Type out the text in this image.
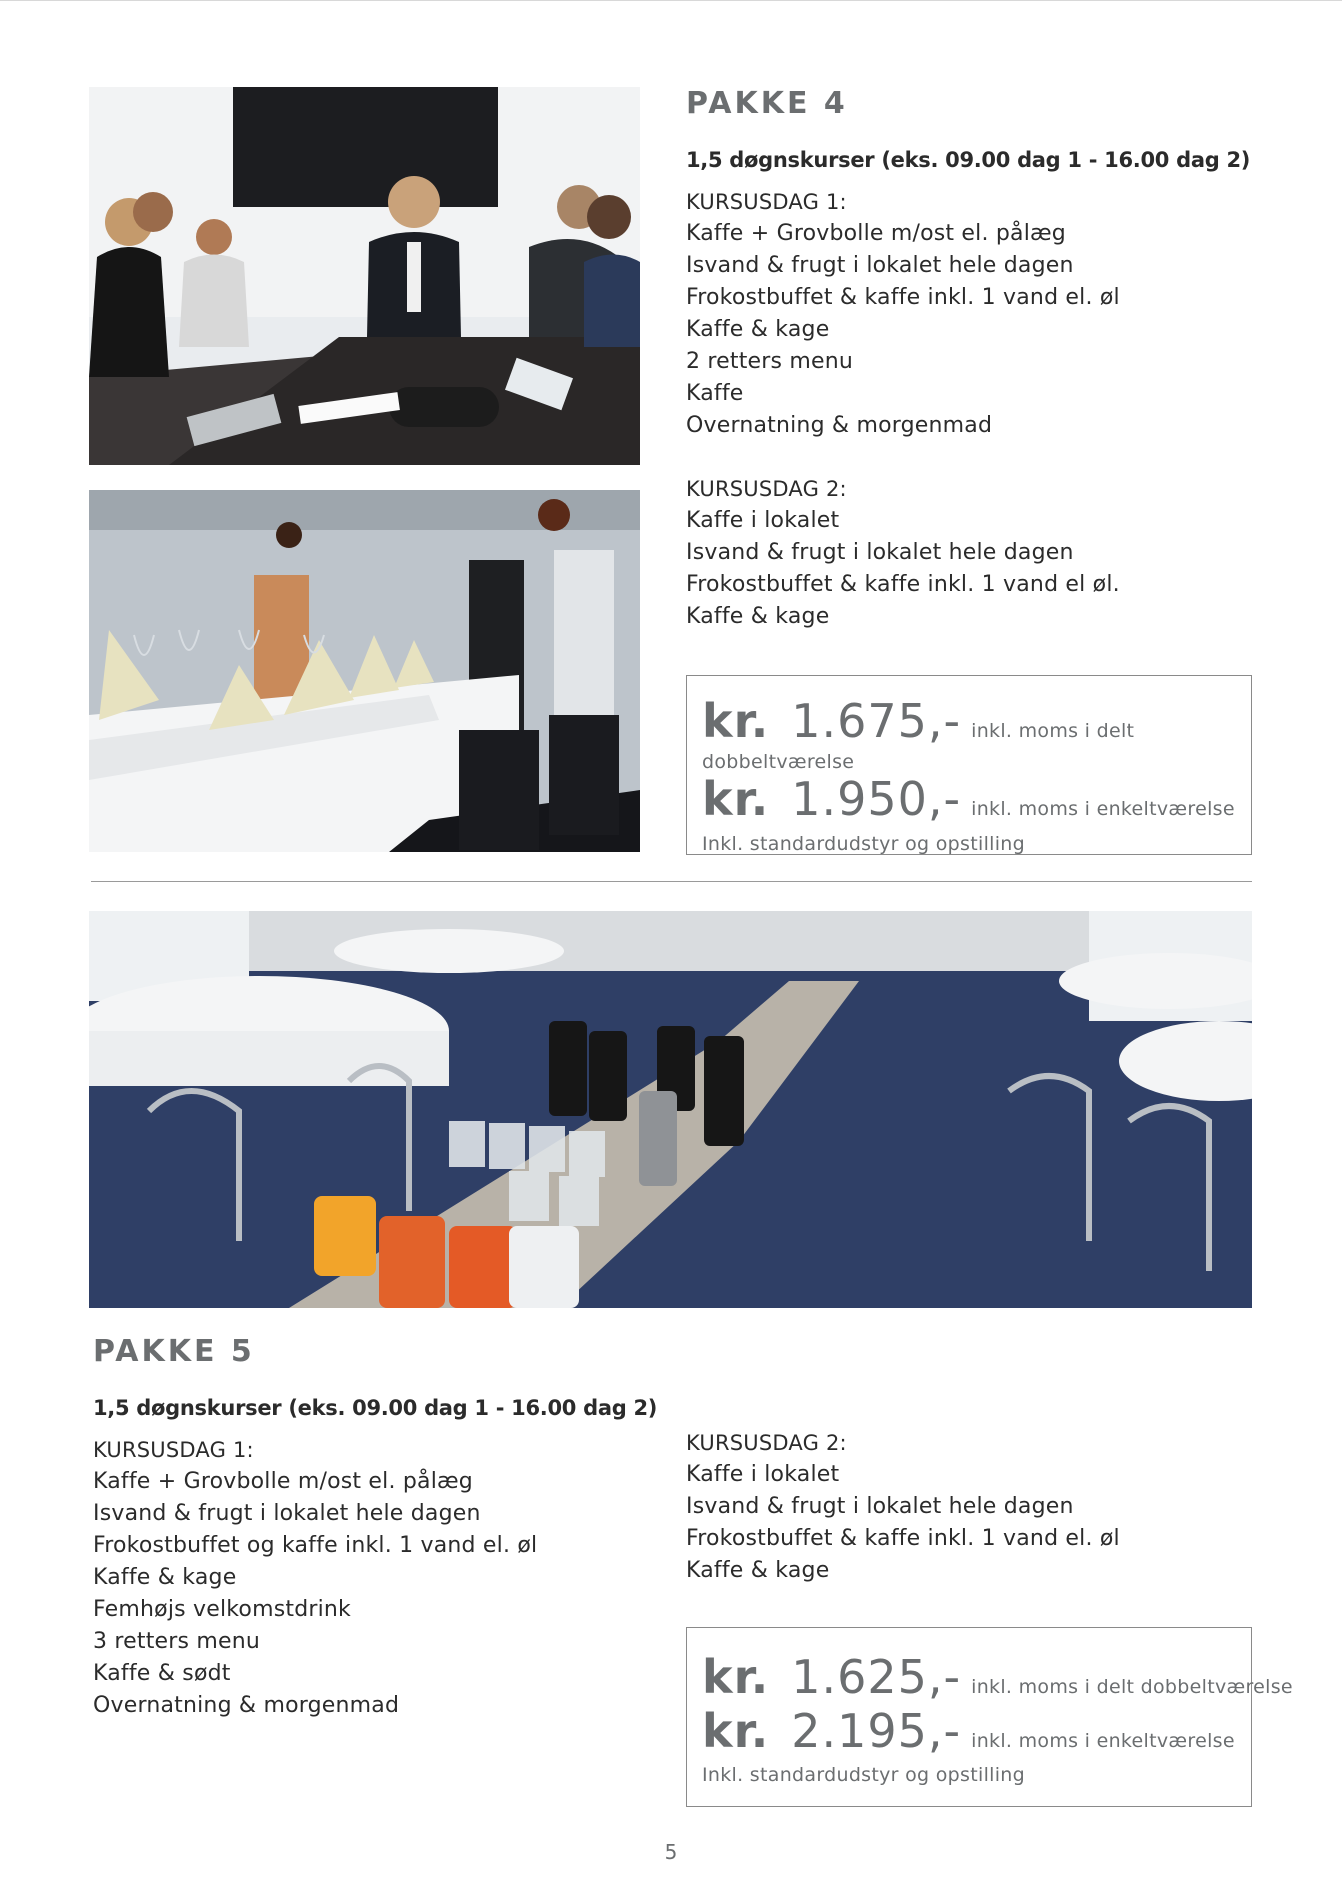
PAKKE 4

1,5 døgnskurser (eks. 09.00 dag 1 - 16.00 dag 2)

KURSUSDAG 1:
Kaffe + Grovbolle m/ost el. pålæg
Isvand & frugt i lokalet hele dagen
Frokostbuffet & kaffe inkl. 1 vand el. øl
Kaffe & kage
2 retters menu
Kaffe
Overnatning & morgenmad
KURSUSDAG 2:
Kaffe i lokalet
Isvand & frugt i lokalet hele dagen
Frokostbuffet & kaffe inkl. 1 vand el øl.
Kaffe & kage
kr. 1.675,- inkl. moms i delt
dobbeltværelse
kr. 1.950,- inkl. moms i enkeltværelse
Inkl. standardudstyr og opstilling
PAKKE 5

1,5 døgnskurser (eks. 09.00 dag 1 - 16.00 dag 2)

KURSUSDAG 1:
Kaffe + Grovbolle m/ost el. pålæg
Isvand & frugt i lokalet hele dagen
Frokostbuffet og kaffe inkl. 1 vand el. øl
Kaffe & kage
Femhøjs velkomstdrink
3 retters menu
Kaffe & sødt
Overnatning & morgenmad
KURSUSDAG 2:
Kaffe i lokalet
Isvand & frugt i lokalet hele dagen
Frokostbuffet & kaffe inkl. 1 vand el. øl
Kaffe & kage
kr. 1.625,- inkl. moms i delt dobbeltværelse
kr. 2.195,- inkl. moms i enkeltværelse
Inkl. standardudstyr og opstilling
5
